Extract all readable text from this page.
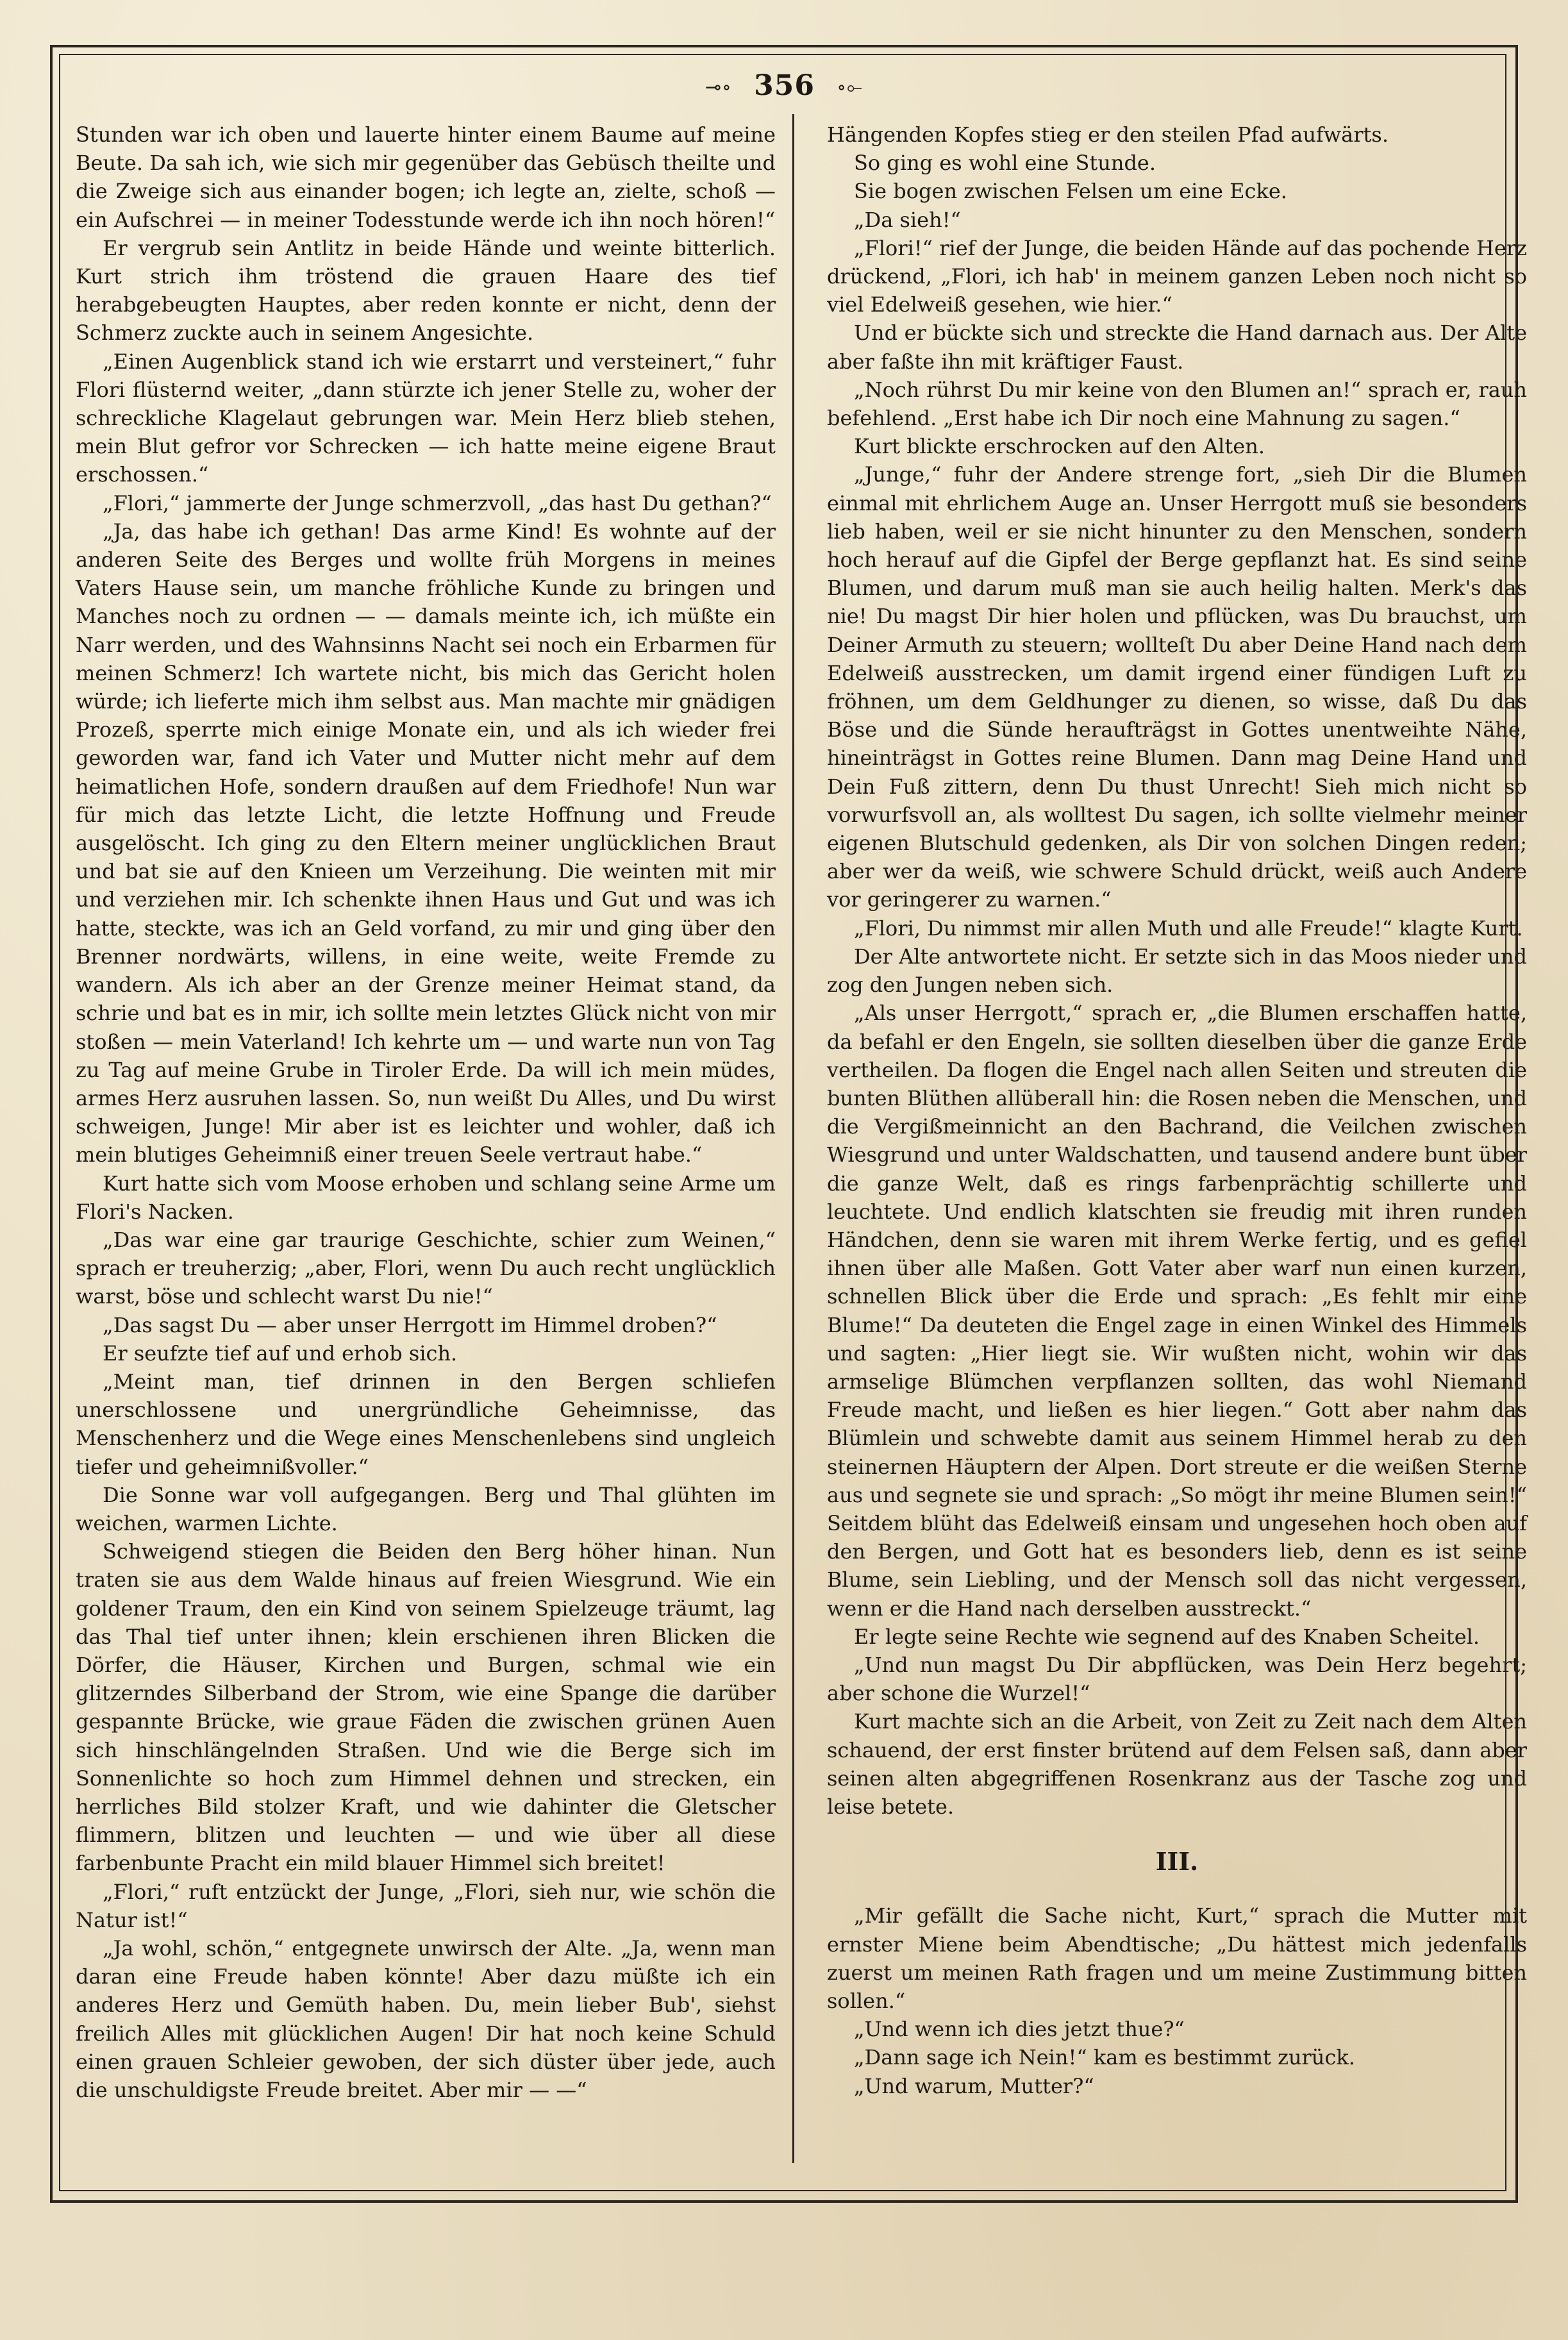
⊸∘ 356 ∘⟜

Stunden war ich oben und lauerte hinter einem Baume auf meine Beute. Da sah ich, wie sich mir gegenüber das Gebüsch theilte und die Zweige sich aus einander bogen; ich legte an, zielte, schoß — ein Aufschrei — in meiner Todesstunde werde ich ihn noch hören!“

Er vergrub sein Antlitz in beide Hände und weinte bitterlich. Kurt strich ihm tröstend die grauen Haare des tief herabgebeugten Hauptes, aber reden konnte er nicht, denn der Schmerz zuckte auch in seinem Angesichte.

„Einen Augenblick stand ich wie erstarrt und versteinert,“ fuhr Flori flüsternd weiter, „dann stürzte ich jener Stelle zu, woher der schreckliche Klagelaut gebrungen war. Mein Herz blieb stehen, mein Blut gefror vor Schrecken — ich hatte meine eigene Braut erschossen.“

„Flori,“ jammerte der Junge schmerzvoll, „das hast Du gethan?“

„Ja, das habe ich gethan! Das arme Kind! Es wohnte auf der anderen Seite des Berges und wollte früh Morgens in meines Vaters Hause sein, um manche fröhliche Kunde zu bringen und Manches noch zu ordnen — — damals meinte ich, ich müßte ein Narr werden, und des Wahnsinns Nacht sei noch ein Erbarmen für meinen Schmerz! Ich wartete nicht, bis mich das Gericht holen würde; ich lieferte mich ihm selbst aus. Man machte mir gnädigen Prozeß, sperrte mich einige Monate ein, und als ich wieder frei geworden war, fand ich Vater und Mutter nicht mehr auf dem heimatlichen Hofe, sondern draußen auf dem Friedhofe! Nun war für mich das letzte Licht, die letzte Hoffnung und Freude ausgelöscht. Ich ging zu den Eltern meiner unglücklichen Braut und bat sie auf den Knieen um Verzeihung. Die weinten mit mir und verziehen mir. Ich schenkte ihnen Haus und Gut und was ich hatte, steckte, was ich an Geld vorfand, zu mir und ging über den Brenner nordwärts, willens, in eine weite, weite Fremde zu wandern. Als ich aber an der Grenze meiner Heimat stand, da schrie und bat es in mir, ich sollte mein letztes Glück nicht von mir stoßen — mein Vaterland! Ich kehrte um — und warte nun von Tag zu Tag auf meine Grube in Tiroler Erde. Da will ich mein müdes, armes Herz ausruhen lassen. So, nun weißt Du Alles, und Du wirst schweigen, Junge! Mir aber ist es leichter und wohler, daß ich mein blutiges Geheimniß einer treuen Seele vertraut habe.“

Kurt hatte sich vom Moose erhoben und schlang seine Arme um Flori's Nacken.

„Das war eine gar traurige Geschichte, schier zum Weinen,“ sprach er treuherzig; „aber, Flori, wenn Du auch recht unglücklich warst, böse und schlecht warst Du nie!“

„Das sagst Du — aber unser Herrgott im Himmel droben?“

Er seufzte tief auf und erhob sich.

„Meint man, tief drinnen in den Bergen schliefen unerschlossene und unergründliche Geheimnisse, das Menschenherz und die Wege eines Menschenlebens sind ungleich tiefer und geheimnißvoller.“

Die Sonne war voll aufgegangen. Berg und Thal glühten im weichen, warmen Lichte.

Schweigend stiegen die Beiden den Berg höher hinan. Nun traten sie aus dem Walde hinaus auf freien Wiesgrund. Wie ein goldener Traum, den ein Kind von seinem Spielzeuge träumt, lag das Thal tief unter ihnen; klein erschienen ihren Blicken die Dörfer, die Häuser, Kirchen und Burgen, schmal wie ein glitzerndes Silberband der Strom, wie eine Spange die darüber gespannte Brücke, wie graue Fäden die zwischen grünen Auen sich hinschlängelnden Straßen. Und wie die Berge sich im Sonnenlichte so hoch zum Himmel dehnen und strecken, ein herrliches Bild stolzer Kraft, und wie dahinter die Gletscher flimmern, blitzen und leuchten — und wie über all diese farbenbunte Pracht ein mild blauer Himmel sich breitet!

„Flori,“ ruft entzückt der Junge, „Flori, sieh nur, wie schön die Natur ist!“

„Ja wohl, schön,“ entgegnete unwirsch der Alte. „Ja, wenn man daran eine Freude haben könnte! Aber dazu müßte ich ein anderes Herz und Gemüth haben. Du, mein lieber Bub', siehst freilich Alles mit glücklichen Augen! Dir hat noch keine Schuld einen grauen Schleier gewoben, der sich düster über jede, auch die unschuldigste Freude breitet. Aber mir — —“

Hängenden Kopfes stieg er den steilen Pfad aufwärts.

So ging es wohl eine Stunde.

Sie bogen zwischen Felsen um eine Ecke.

„Da sieh!“

„Flori!“ rief der Junge, die beiden Hände auf das pochende Herz drückend, „Flori, ich hab' in meinem ganzen Leben noch nicht so viel Edelweiß gesehen, wie hier.“

Und er bückte sich und streckte die Hand darnach aus. Der Alte aber faßte ihn mit kräftiger Faust.

„Noch rührst Du mir keine von den Blumen an!“ sprach er, rauh befehlend. „Erst habe ich Dir noch eine Mahnung zu sagen.“

Kurt blickte erschrocken auf den Alten.

„Junge,“ fuhr der Andere strenge fort, „sieh Dir die Blumen einmal mit ehrlichem Auge an. Unser Herrgott muß sie besonders lieb haben, weil er sie nicht hinunter zu den Menschen, sondern hoch herauf auf die Gipfel der Berge gepflanzt hat. Es sind seine Blumen, und darum muß man sie auch heilig halten. Merk's das nie! Du magst Dir hier holen und pflücken, was Du brauchst, um Deiner Armuth zu steuern; wollteſt Du aber Deine Hand nach dem Edelweiß ausstrecken, um damit irgend einer fündigen Luft zu fröhnen, um dem Geldhunger zu dienen, so wisse, daß Du das Böse und die Sünde heraufträgst in Gottes unentweihte Nähe, hineinträgst in Gottes reine Blumen. Dann mag Deine Hand und Dein Fuß zittern, denn Du thust Unrecht! Sieh mich nicht so vorwurfsvoll an, als wolltest Du sagen, ich sollte vielmehr meiner eigenen Blutschuld gedenken, als Dir von solchen Dingen reden; aber wer da weiß, wie schwere Schuld drückt, weiß auch Andere vor geringerer zu warnen.“

„Flori, Du nimmst mir allen Muth und alle Freude!“ klagte Kurt.

Der Alte antwortete nicht. Er setzte sich in das Moos nieder und zog den Jungen neben sich.

„Als unser Herrgott,“ sprach er, „die Blumen erschaffen hatte, da befahl er den Engeln, sie sollten dieselben über die ganze Erde vertheilen. Da flogen die Engel nach allen Seiten und streuten die bunten Blüthen allüberall hin: die Rosen neben die Menschen, und die Vergißmeinnicht an den Bachrand, die Veilchen zwischen Wiesgrund und unter Waldschatten, und tausend andere bunt über die ganze Welt, daß es rings farbenprächtig schillerte und leuchtete. Und endlich klatschten sie freudig mit ihren runden Händchen, denn sie waren mit ihrem Werke fertig, und es gefiel ihnen über alle Maßen. Gott Vater aber warf nun einen kurzen, schnellen Blick über die Erde und sprach: „Es fehlt mir eine Blume!“ Da deuteten die Engel zage in einen Winkel des Himmels und sagten: „Hier liegt sie. Wir wußten nicht, wohin wir das armselige Blümchen verpflanzen sollten, das wohl Niemand Freude macht, und ließen es hier liegen.“ Gott aber nahm das Blümlein und schwebte damit aus seinem Himmel herab zu den steinernen Häuptern der Alpen. Dort streute er die weißen Sterne aus und segnete sie und sprach: „So mögt ihr meine Blumen sein!“ Seitdem blüht das Edelweiß einsam und ungesehen hoch oben auf den Bergen, und Gott hat es besonders lieb, denn es ist seine Blume, sein Liebling, und der Mensch soll das nicht vergessen, wenn er die Hand nach derselben ausstreckt.“

Er legte seine Rechte wie segnend auf des Knaben Scheitel.

„Und nun magst Du Dir abpflücken, was Dein Herz begehrt; aber schone die Wurzel!“

Kurt machte sich an die Arbeit, von Zeit zu Zeit nach dem Alten schauend, der erst finster brütend auf dem Felsen saß, dann aber seinen alten abgegriffenen Rosenkranz aus der Tasche zog und leise betete.

III.

„Mir gefällt die Sache nicht, Kurt,“ sprach die Mutter mit ernster Miene beim Abendtische; „Du hättest mich jedenfalls zuerst um meinen Rath fragen und um meine Zustimmung bitten sollen.“

„Und wenn ich dies jetzt thue?“

„Dann sage ich Nein!“ kam es bestimmt zurück.

„Und warum, Mutter?“
